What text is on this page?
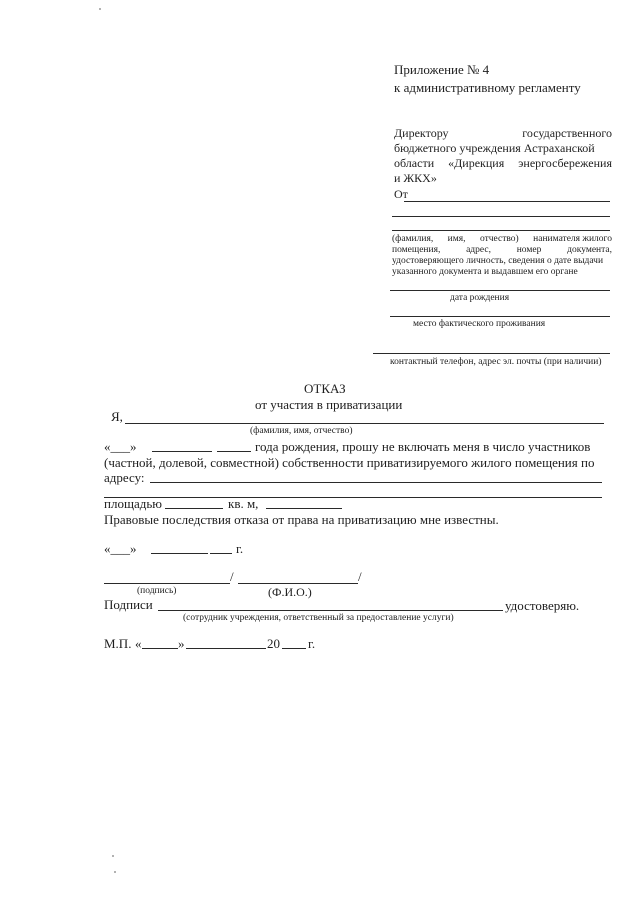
Приложение № 4
к административному регламенту
Директору	государственного
бюджетного учреждения Астраханской
области «Дирекция энергосбережения
и ЖКХ»
От
(фамилия, имя, отчество) нанимателя жилого
помещения,	адрес,	номер	документа,
удостоверяющего личность, сведения о дате выдачи
указанного документа и выдавшем его органе
дата рождения
место фактического проживания
контактный телефон, адрес эл. почты (при наличии)
ОТКАЗ
от участия в приватизации
Я,
(фамилия, имя, отчество)
«___»	года рождения, прошу не включать меня в число участников
(частной, долевой, совместной) собственности приватизируемого жилого помещения по
адресу:
площадью	кв. м,
Правовые последствия отказа от права на приватизацию мне известны.
«___»	г.
/	/
(подпись)	(Ф.И.О.)
Подписи	удостоверяю.
(сотрудник учреждения, ответственный за предоставление услуги)
М.П. «	»	20 г.
